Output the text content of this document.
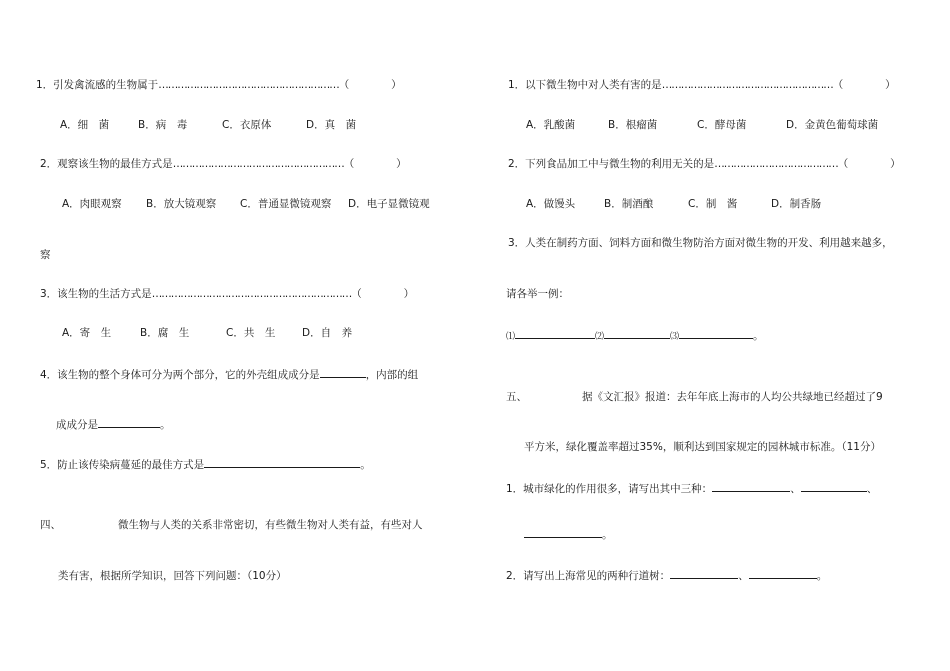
1．引发禽流感的生物属于…………………………………………………（　　　　）
A．细　菌	B．病　毒	C．衣原体	D．真　菌
2．观察该生物的最佳方式是………………………………………………（　　　　）
A．肉眼观察 B．放大镜观察 C．普通显微镜观察 D．电子显微镜观
察
3．该生物的生活方式是………………………………………………………（　　　　）
A．寄　生	B．腐　生	C．共　生	D．自　养
4．该生物的整个身体可分为两个部分，它的外壳组成成分是	，内部的组
成成分是	。
5．防止该传染病蔓延的最佳方式是	。
四、	微生物与人类的关系非常密切，有些微生物对人类有益，有些对人
类有害，根据所学知识，回答下列问题：（10分）
1．以下微生物中对人类有害的是………………………………………………（　　　　）
A．乳酸菌	B．根瘤菌	C．酵母菌	D．金黄色葡萄球菌
2．下列食品加工中与微生物的利用无关的是…………………………………（　　　　）
A．做馒头	B．制酒酿	C．制　酱	D．制香肠
3．人类在制药方面、饲料方面和微生物防治方面对微生物的开发、利用越来越多，
请各举一例：
⑴	⑵	⑶	。
五、	据《文汇报》报道：去年年底上海市的人均公共绿地已经超过了9
平方米，绿化覆盖率超过35%，顺利达到国家规定的园林城市标准。（11分）
1．城市绿化的作用很多，请写出其中三种：	、	、
。
2．请写出上海常见的两种行道树：	、	。
